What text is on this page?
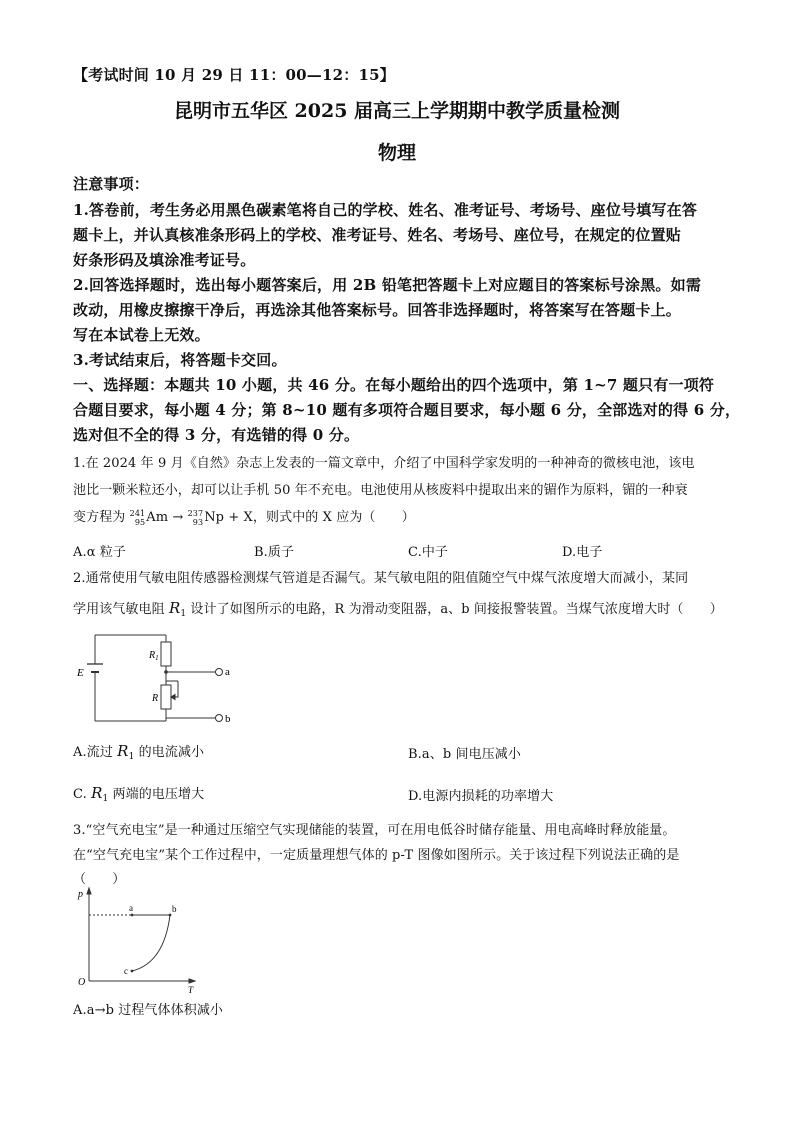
【考试时间 10 月 29 日 11：00—12：15】
昆明市五华区 2025 届高三上学期期中教学质量检测
物理
注意事项：
1.答卷前，考生务必用黑色碳素笔将自己的学校、姓名、准考证号、考场号、座位号填写在答
题卡上，并认真核准条形码上的学校、准考证号、姓名、考场号、座位号，在规定的位置贴
好条形码及填涂准考证号。
2.回答选择题时，选出每小题答案后，用 2B 铅笔把答题卡上对应题目的答案标号涂黑。如需
改动，用橡皮擦擦干净后，再选涂其他答案标号。回答非选择题时，将答案写在答题卡上。
写在本试卷上无效。
3.考试结束后，将答题卡交回。
一、选择题：本题共 10 小题，共 46 分。在每小题给出的四个选项中，第 1~7 题只有一项符
合题目要求，每小题 4 分；第 8~10 题有多项符合题目要求，每小题 6 分，全部选对的得 6 分，
选对但不全的得 3 分，有选错的得 0 分。
1.在 2024 年 9 月《自然》杂志上发表的一篇文章中，介绍了中国科学家发明的一种神奇的微核电池，该电
池比一颗米粒还小，却可以让手机 50 年不充电。电池使用从核废料中提取出来的镅作为原料，镅的一种衰
变方程为 241
95Am → 237
93Np + X，则式中的 X 应为（　　）
A.α 粒子	B.质子	C.中子	D.电子
2.通常使用气敏电阻传感器检测煤气管道是否漏气。某气敏电阻的阻值随空气中煤气浓度增大而减小，某同
学用该气敏电阻 $R_1$ 设计了如图所示的电路，R 为滑动变阻器，a、b 间接报警装置。当煤气浓度增大时（　　）
E
$R_1$
R
a
b
A.流过 $R_1$ 的电流减小	B.a、b 间电压减小
C. $R_1$ 两端的电压增大	D.电源内损耗的功率增大
3.“空气充电宝”是一种通过压缩空气实现储能的装置，可在用电低谷时储存能量、用电高峰时释放能量。
在“空气充电宝”某个工作过程中，一定质量理想气体的 p-T 图像如图所示。关于该过程下列说法正确的是
（　　）
p
T
O
a	b
c
A.a→b 过程气体体积减小
